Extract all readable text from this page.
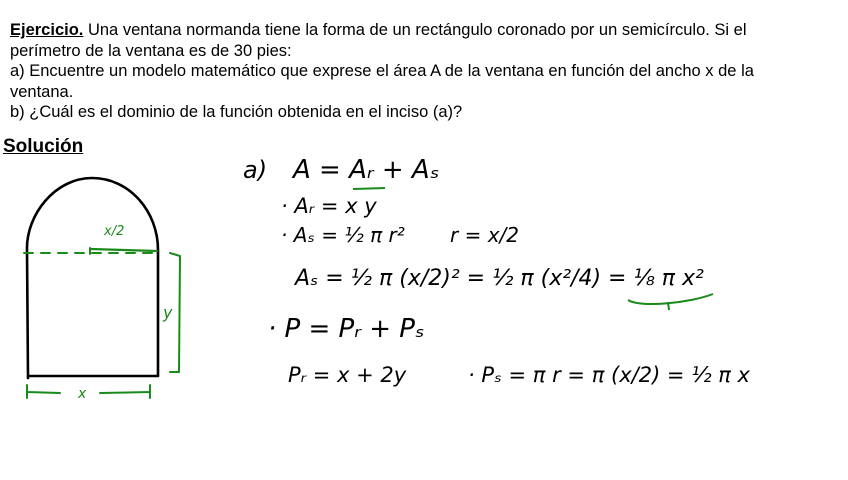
Ejercicio. Una ventana normanda tiene la forma de un rectángulo coronado por un semicírculo. Si el
perímetro de la ventana es de 30 pies:
a) Encuentre un modelo matemático que exprese el área A de la ventana en función del ancho x de la
ventana.
b) ¿Cuál es el dominio de la función obtenida en el inciso (a)?
Solución
x/2
y
x
a) A = Aᵣ + Aₛ
· Aᵣ = x y
· Aₛ = ½ π r² r = x/2
Aₛ = ½ π (x/2)² = ½ π (x²/4) = ⅛ π x²
· P = Pᵣ + Pₛ
Pᵣ = x + 2y	· Pₛ = π r = π (x/2) = ½ π x
